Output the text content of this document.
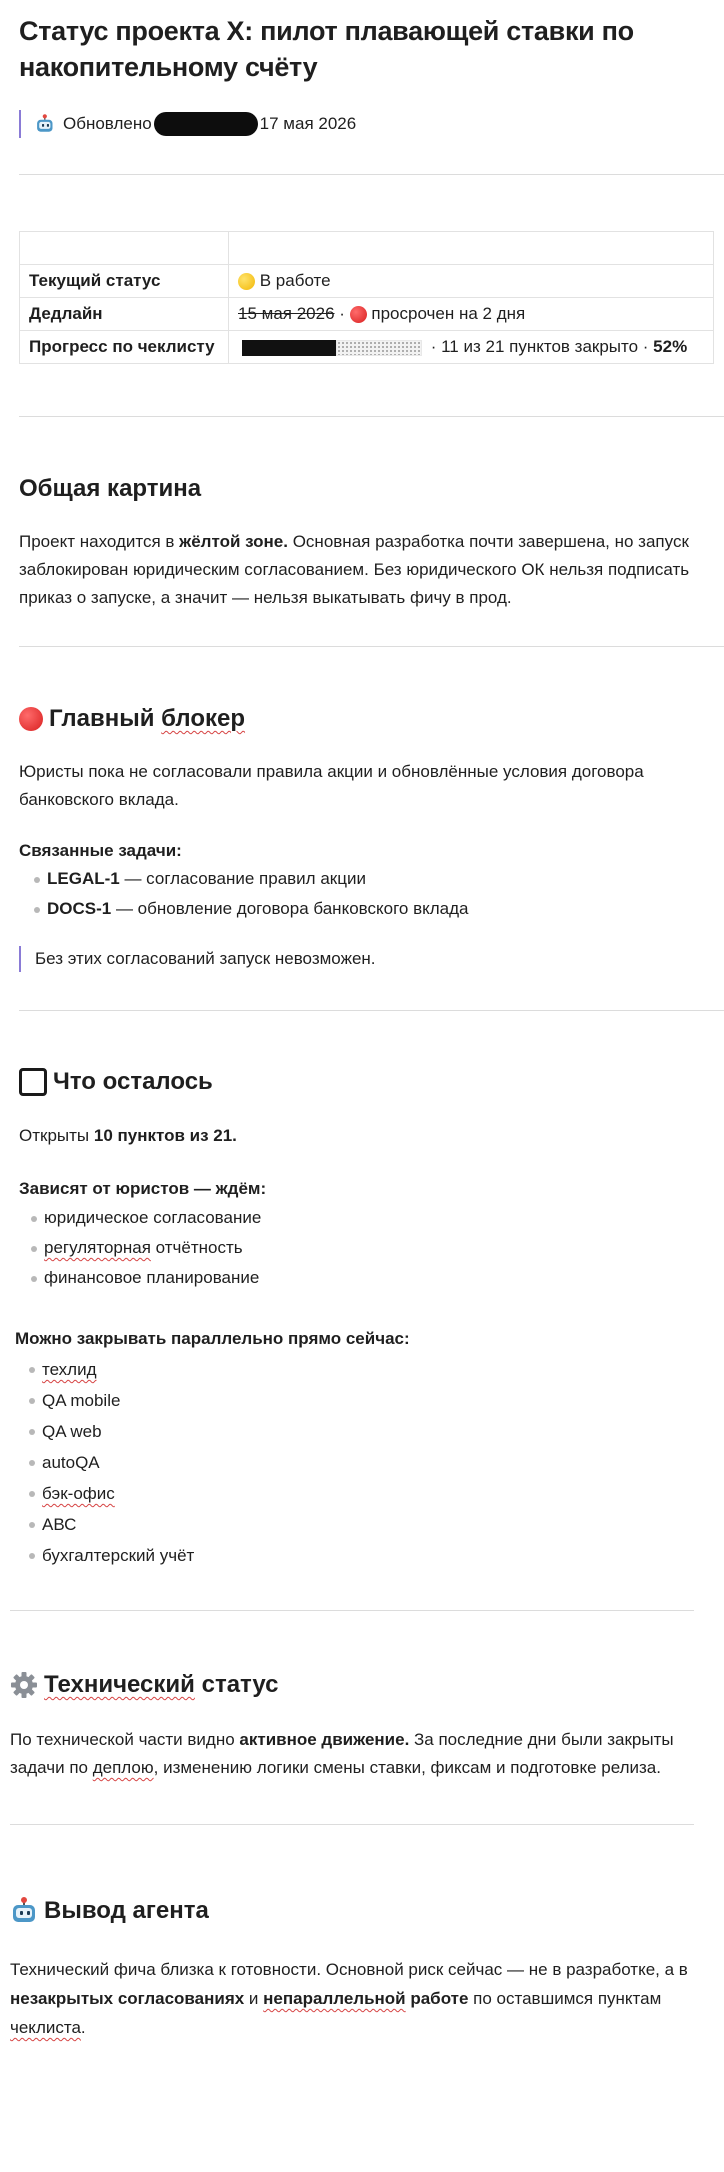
Статус проекта X: пилот плавающей ставки по накопительному счёту
Обновлено	17 мая 2026

Текущий статус	В работе
Дедлайн	15 мая 2026 ·  просрочен на 2 дня
Прогресс по чеклисту	· 11 из 21 пунктов закрыто · 52%
Общая картина

Проект находится в жёлтой зоне. Основная разработка почти завершена, но запуск заблокирован юридическим согласованием. Без юридического ОК нельзя подписать приказ о запуске, а значит — нельзя выкатывать фичу в прод.

Главный блокер

Юристы пока не согласовали правила акции и обновлённые условия договора банковского вклада.

Связанные задачи:

LEGAL-1 — согласование правил акции
DOCS-1 — обновление договора банковского вклада
Без этих согласований запуск невозможен.
Что осталось

Открыты 10 пунктов из 21.

Зависят от юристов — ждём:

юридическое согласование
регуляторная отчётность
финансовое планирование

Можно закрывать параллельно прямо сейчас:

техлид
QA mobile
QA web
autoQA
бэк-офис
АВС
бухгалтерский учёт
Технический статус

По технической части видно активное движение. За последние дни были закрыты задачи по деплою, изменению логики смены ставки, фиксам и подготовке релиза.

Вывод агента

Технический фича близка к готовности. Основной риск сейчас — не в разработке, а в незакрытых согласованиях и непараллельной работе по оставшимся пунктам чеклиста.
